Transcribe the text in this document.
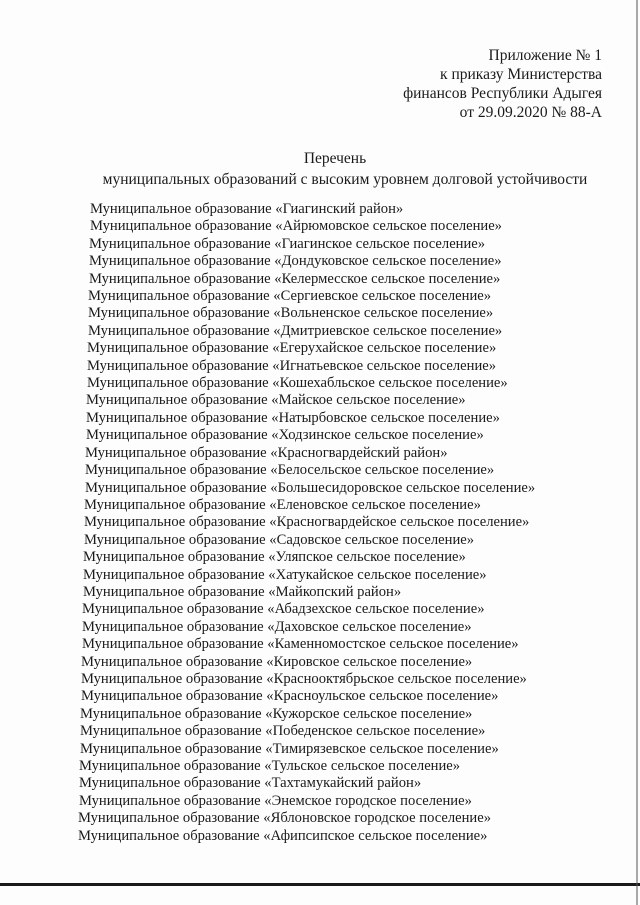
Приложение № 1
к приказу Министерства
финансов Республики Адыгея
от 29.09.2020 № 88-А
Перечень
муниципальных образований с высоким уровнем долговой устойчивости
Муниципальное образование «Гиагинский район»
Муниципальное образование «Айрюмовское сельское поселение»
Муниципальное образование «Гиагинское сельское поселение»
Муниципальное образование «Дондуковское сельское поселение»
Муниципальное образование «Келермесское сельское поселение»
Муниципальное образование «Сергиевское сельское поселение»
Муниципальное образование «Вольненское сельское поселение»
Муниципальное образование «Дмитриевское сельское поселение»
Муниципальное образование «Егерухайское сельское поселение»
Муниципальное образование «Игнатьевское сельское поселение»
Муниципальное образование «Кошехабльское сельское поселение»
Муниципальное образование «Майское сельское поселение»
Муниципальное образование «Натырбовское сельское поселение»
Муниципальное образование «Ходзинское сельское поселение»
Муниципальное образование «Красногвардейский район»
Муниципальное образование «Белосельское сельское поселение»
Муниципальное образование «Большесидоровское сельское поселение»
Муниципальное образование «Еленовское сельское поселение»
Муниципальное образование «Красногвардейское сельское поселение»
Муниципальное образование «Садовское сельское поселение»
Муниципальное образование «Уляпское сельское поселение»
Муниципальное образование «Хатукайское сельское поселение»
Муниципальное образование «Майкопский район»
Муниципальное образование «Абадзехское сельское поселение»
Муниципальное образование «Даховское сельское поселение»
Муниципальное образование «Каменномостское сельское поселение»
Муниципальное образование «Кировское сельское поселение»
Муниципальное образование «Краснооктябрьское сельское поселение»
Муниципальное образование «Красноульское сельское поселение»
Муниципальное образование «Кужорское сельское поселение»
Муниципальное образование «Победенское сельское поселение»
Муниципальное образование «Тимирязевское сельское поселение»
Муниципальное образование «Тульское сельское поселение»
Муниципальное образование «Тахтамукайский район»
Муниципальное образование «Энемское городское поселение»
Муниципальное образование «Яблоновское городское поселение»
Муниципальное образование «Афипсипское сельское поселение»
